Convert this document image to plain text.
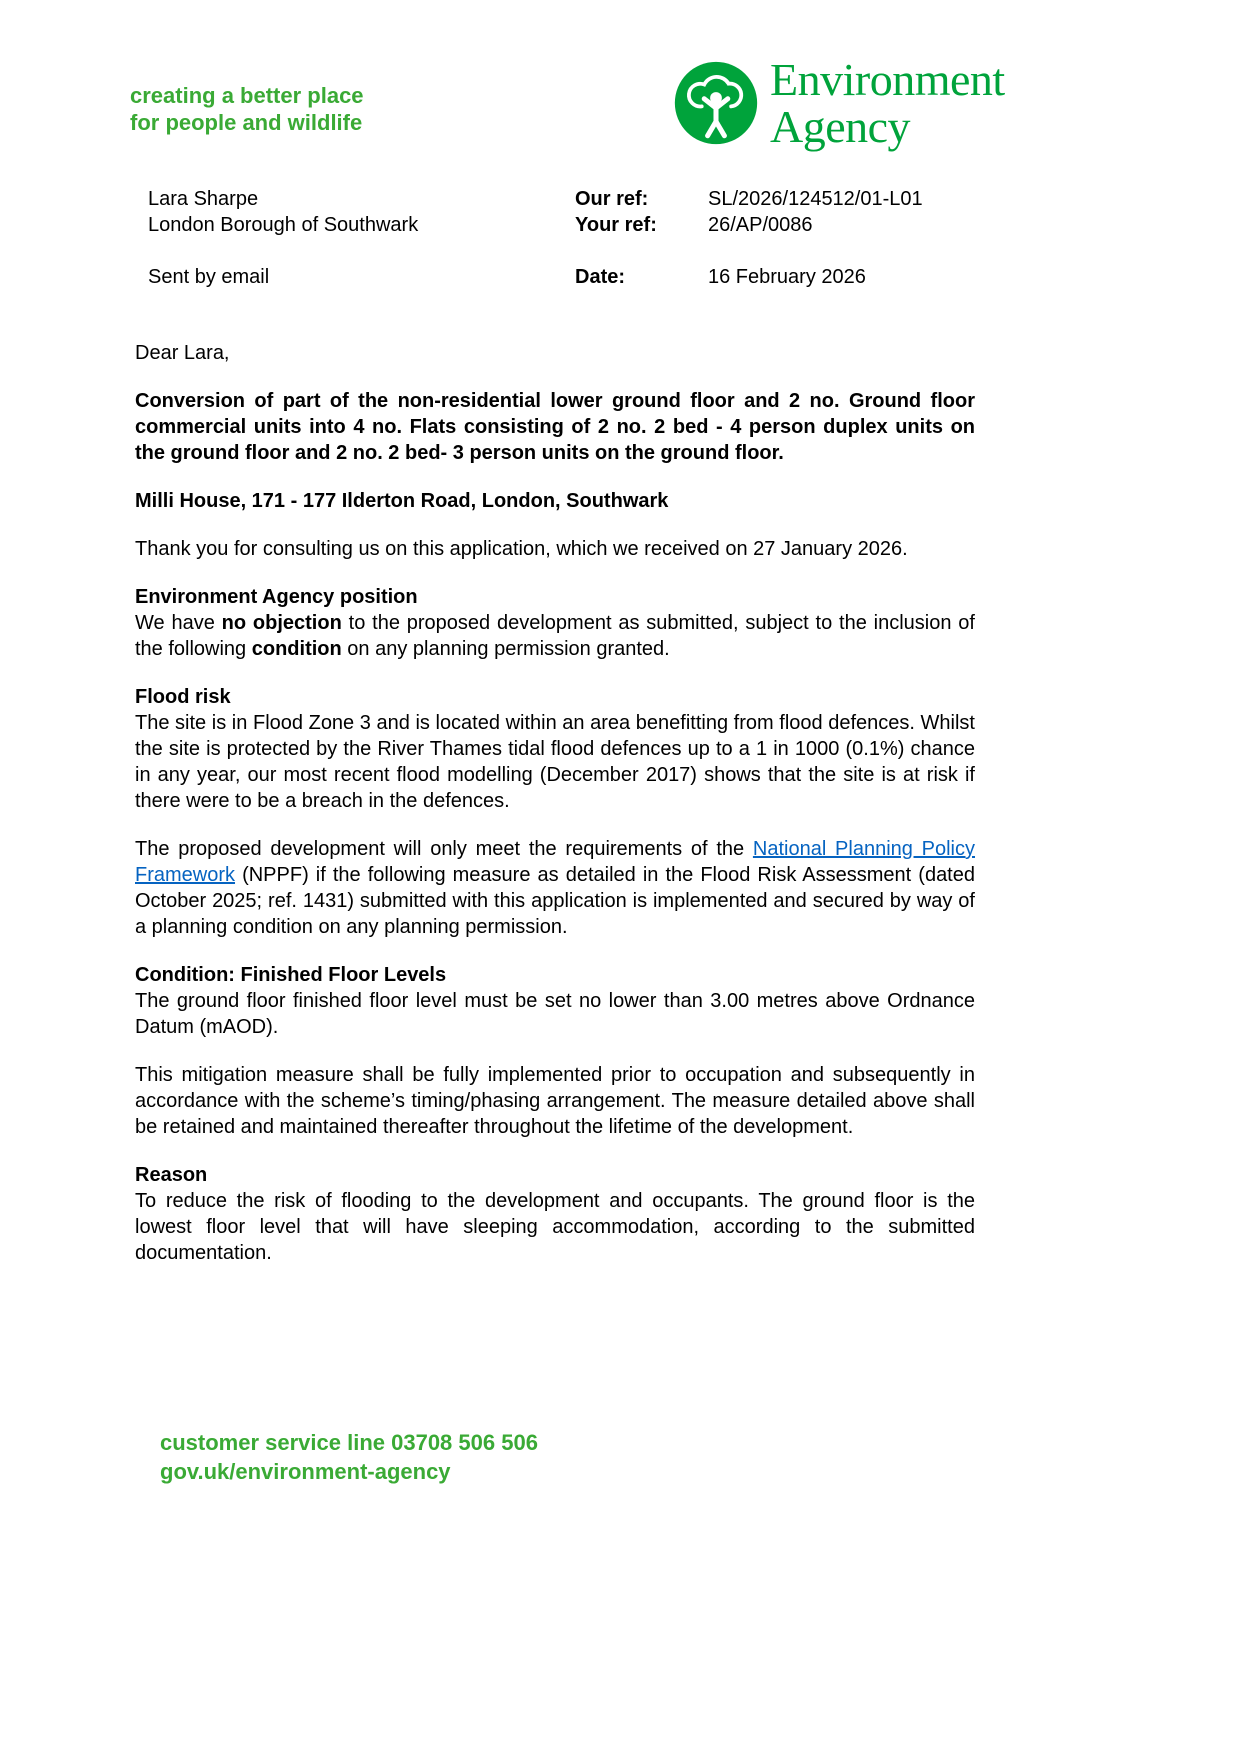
creating a better place
for people and wildlife
Environment
Agency
Lara Sharpe
London Borough of Southwark
Sent by email
Our ref:	SL/2026/124512/01-L01
Your ref:	26/AP/0086
Date:	16 February 2026

Dear Lara,

Conversion of part of the non-residential lower ground floor and 2 no. Ground floor commercial units into 4 no. Flats consisting of 2 no. 2 bed - 4 person duplex units on the ground floor and 2 no. 2 bed- 3 person units on the ground floor.

Milli House, 171 - 177 Ilderton Road, London, Southwark

Thank you for consulting us on this application, which we received on 27 January 2026.

Environment Agency position

We have no objection to the proposed development as submitted, subject to the inclusion of the following condition on any planning permission granted.

Flood risk

The site is in Flood Zone 3 and is located within an area benefitting from flood defences. Whilst the site is protected by the River Thames tidal flood defences up to a 1 in 1000 (0.1%) chance in any year, our most recent flood modelling (December 2017) shows that the site is at risk if there were to be a breach in the defences.

The proposed development will only meet the requirements of the National Planning Policy Framework (NPPF) if the following measure as detailed in the Flood Risk Assessment (dated October 2025; ref. 1431) submitted with this application is implemented and secured by way of a planning condition on any planning permission.

Condition: Finished Floor Levels

The ground floor finished floor level must be set no lower than 3.00 metres above Ordnance Datum (mAOD).

This mitigation measure shall be fully implemented prior to occupation and subsequently in accordance with the scheme’s timing/phasing arrangement. The measure detailed above shall be retained and maintained thereafter throughout the lifetime of the development.

Reason

To reduce the risk of flooding to the development and occupants. The ground floor is the lowest floor level that will have sleeping accommodation, according to the submitted documentation.

customer service line 03708 506 506
gov.uk/environment-agency
